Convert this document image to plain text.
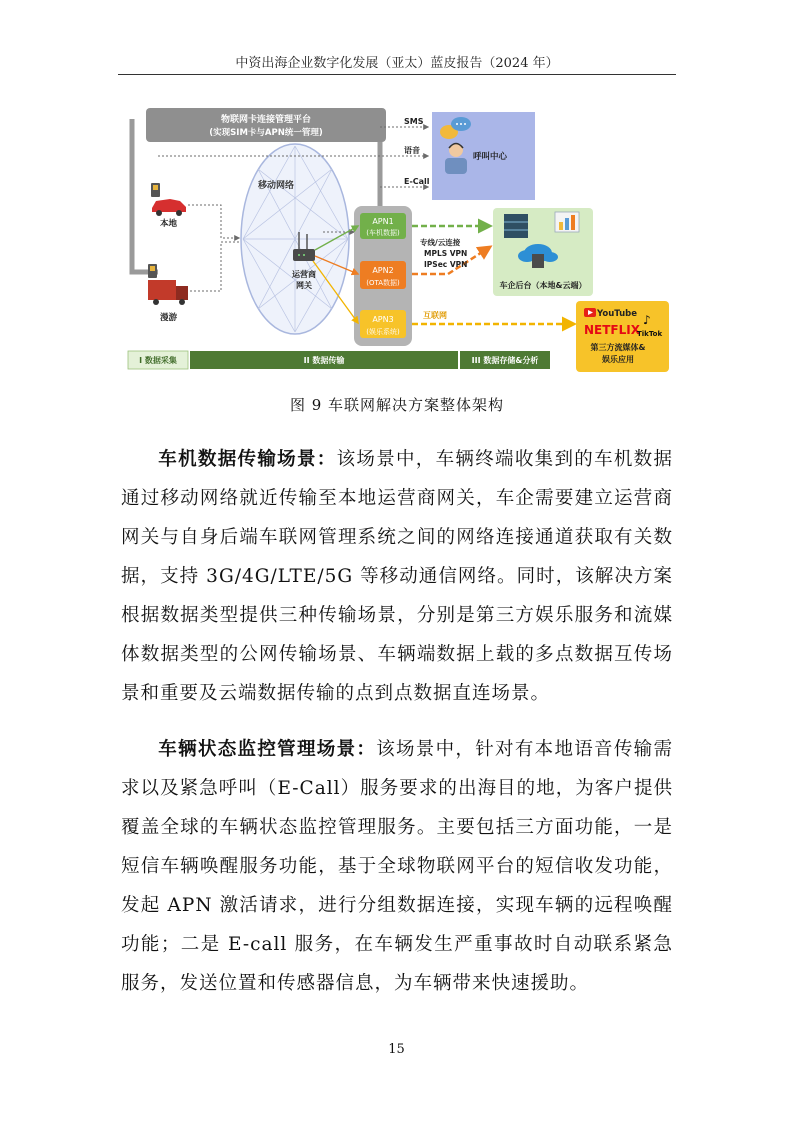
中资出海企业数字化发展（亚太）蓝皮报告（2024 年）
物联网卡连接管理平台
(实现SIM卡与APN统一管理)
移动网络
SMS
语音
E-Call
呼叫中心
本地
漫游
运营商
网关
APN1
(车机数据)
APN2
(OTA数据)
APN3
(娱乐系统)
专线/云连接
MPLS VPN
IPSec VPN
互联网
车企后台（本地&云端）
YouTube
NETFLIX
♪
TikTok
第三方流媒体&
娱乐应用
I 数据采集	II 数据传输	III 数据存储&分析
图 9 车联网解决方案整体架构

车机数据传输场景：该场景中，车辆终端收集到的车机数据通过移动网络就近传输至本地运营商网关，车企需要建立运营商网关与自身后端车联网管理系统之间的网络连接通道获取有关数据，支持 3G/4G/LTE/5G 等移动通信网络。同时，该解决方案根据数据类型提供三种传输场景，分别是第三方娱乐服务和流媒体数据类型的公网传输场景、车辆端数据上载的多点数据互传场景和重要及云端数据传输的点到点数据直连场景。

车辆状态监控管理场景：该场景中，针对有本地语音传输需求以及紧急呼叫（E-Call）服务要求的出海目的地，为客户提供覆盖全球的车辆状态监控管理服务。主要包括三方面功能，一是短信车辆唤醒服务功能，基于全球物联网平台的短信收发功能，发起 APN 激活请求，进行分组数据连接，实现车辆的远程唤醒功能；二是 E-call 服务，在车辆发生严重事故时自动联系紧急服务，发送位置和传感器信息，为车辆带来快速援助。

15
